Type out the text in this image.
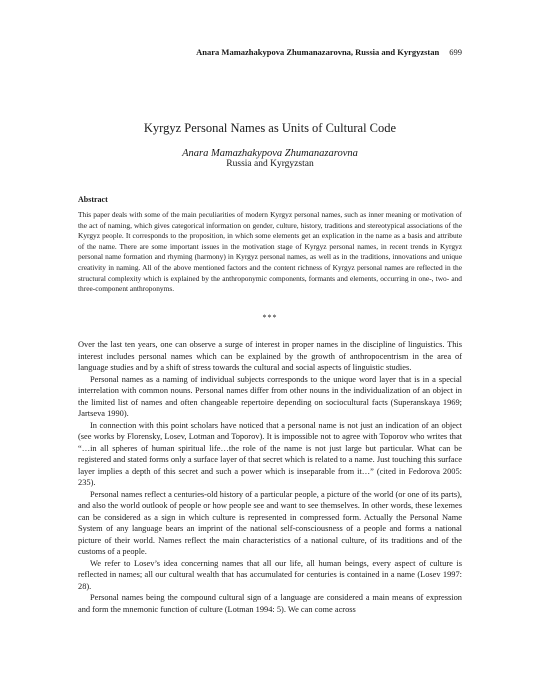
Anara Mamazhakypova Zhumanazarovna, Russia and Kyrgyzstan 699
Kyrgyz Personal Names as Units of Cultural Code
Anara Mamazhakypova Zhumanazarovna
Russia and Kyrgyzstan
Abstract

This paper deals with some of the main peculiarities of modern Kyrgyz personal names, such as inner meaning or motivation of the act of naming, which gives categorical information on gender, culture, history, traditions and stereotypical associations of the Kyrgyz people. It corresponds to the proposition, in which some elements get an explication in the name as a basis and attribute of the name. There are some important issues in the motivation stage of Kyrgyz personal names, in recent trends in Kyrgyz personal name formation and rhyming (harmony) in Kyrgyz personal names, as well as in the traditions, innovations and unique creativity in naming. All of the above mentioned factors and the content richness of Kyrgyz personal names are reflected in the structural complexity which is explained by the anthroponymic components, formants and elements, occurring in one-, two- and three-component anthroponyms.

***

Over the last ten years, one can observe a surge of interest in proper names in the discipline of linguistics. This interest includes personal names which can be explained by the growth of anthropocentrism in the area of language studies and by a shift of stress towards the cultural and social aspects of linguistic studies.

Personal names as a naming of individual subjects corresponds to the unique word layer that is in a special interrelation with common nouns. Personal names differ from other nouns in the individualization of an object in the limited list of names and often changeable repertoire depending on sociocultural facts (Superanskaya 1969; Jartseva 1990).

In connection with this point scholars have noticed that a personal name is not just an indication of an object (see works by Florensky, Losev, Lotman and Toporov). It is impossible not to agree with Toporov who writes that “…in all spheres of human spiritual life…the role of the name is not just large but particular. What can be registered and stated forms only a surface layer of that secret which is related to a name. Just touching this surface layer implies a depth of this secret and such a power which is inseparable from it…” (cited in Fedorova 2005: 235).

Personal names reflect a centuries-old history of a particular people, a picture of the world (or one of its parts), and also the world outlook of people or how people see and want to see themselves. In other words, these lexemes can be considered as a sign in which culture is represented in compressed form. Actually the Personal Name System of any language bears an imprint of the national self-consciousness of a people and forms a national picture of their world. Names reflect the main characteristics of a national culture, of its traditions and of the customs of a people.

We refer to Losev’s idea concerning names that all our life, all human beings, every aspect of culture is reflected in names; all our cultural wealth that has accumulated for centuries is contained in a name (Losev 1997: 28).

Personal names being the compound cultural sign of a language are considered a main means of expression and form the mnemonic function of culture (Lotman 1994: 5). We can come across
